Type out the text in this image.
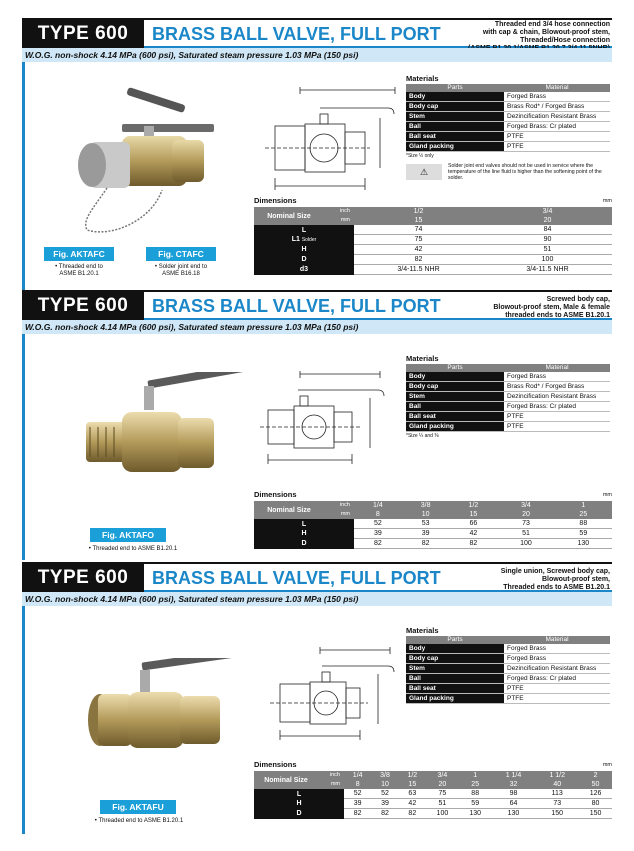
TYPE 600	BRASS BALL VALVE, FULL PORT	Threaded end 3/4 hose connection
with cap & chain, Blowout-proof stem,
Threaded/Hose connection
W.O.G. non-shock 4.14 MPa (600 psi), Saturated steam pressure 1.03 MPa (150 psi)
Fig. AKTAFC
• Threaded end to
ASME B1.20.1
Fig. CTAFC
• Solder joint end to
ASME B16.18
Materials
Parts	Material
Body	Forged Brass
Body cap	Brass Rod* / Forged Brass
Stem	Dezincification Resistant Brass
Ball	Forged Brass: Cr plated
Ball seat	PTFE
Gland packing	PTFE
*Size ½ only
⚠
Solder joint end valves should not be used in service where the temperature of the line fluid is higher than the softening point of the solder.
Dimensions	mm
Nominal Size	inch	1/2	3/4
	mm	15	20
L		74	84
L1 Solder		75	90
H		42	51
D		82	100
d3		3/4-11.5 NHR	3/4-11.5 NHR
TYPE 600	BRASS BALL VALVE, FULL PORT	Screwed body cap,
Blowout-proof stem, Male & female
threaded ends to ASME B1.20.1
W.O.G. non-shock 4.14 MPa (600 psi), Saturated steam pressure 1.03 MPa (150 psi)
Fig. AKTAFO
• Threaded end to ASME B1.20.1
Materials
Parts	Material
Body	Forged Brass
Body cap	Brass Rod* / Forged Brass
Stem	Dezincification Resistant Brass
Ball	Forged Brass: Cr plated
Ball seat	PTFE
Gland packing	PTFE
*Size ¼ and ⅜
Dimensions	mm
Nominal Size	inch	1/4	3/8	1/2	3/4	1
	mm	8	10	15	20	25
L		52	53	66	73	88
H		39	39	42	51	59
D		82	82	82	100	130
TYPE 600	BRASS BALL VALVE, FULL PORT	Single union, Screwed body cap,
Blowout-proof stem,
Threaded ends to ASME B1.20.1
W.O.G. non-shock 4.14 MPa (600 psi), Saturated steam pressure 1.03 MPa (150 psi)
Fig. AKTAFU
• Threaded end to ASME B1.20.1
Materials
Parts	Material
Body	Forged Brass
Body cap	Forged Brass
Stem	Dezincification Resistant Brass
Ball	Forged Brass: Cr plated
Ball seat	PTFE
Gland packing	PTFE
Dimensions	mm
Nominal Size	inch	1/4	3/8	1/2	3/4	1	1 1/4	1 1/2	2
	mm	8	10	15	20	25	32	40	50
L		52	52	63	75	88	98	113	126
H		39	39	42	51	59	64	73	80
D		82	82	82	100	130	130	150	150
